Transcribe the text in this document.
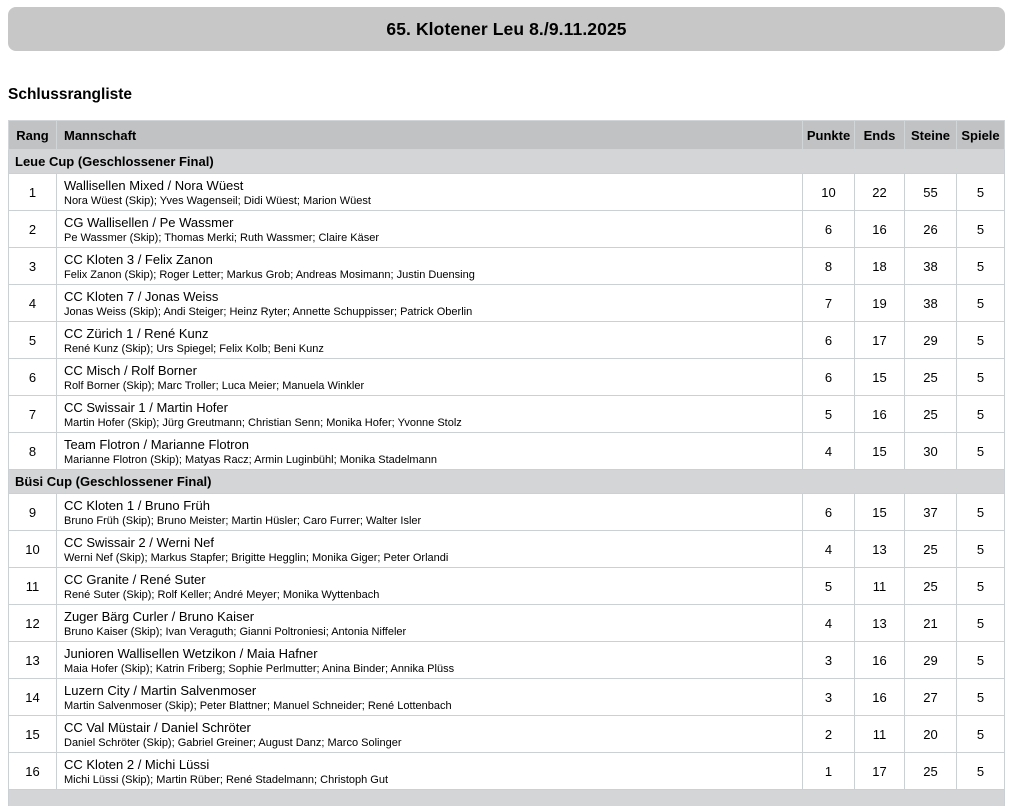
65. Klotener Leu 8./9.11.2025
Schlussrangliste
Rang	Mannschaft	Punkte	Ends	Steine	Spiele
Leue Cup (Geschlossener Final)					
1	Wallisellen Mixed / Nora Wüest
Nora Wüest (Skip); Yves Wagenseil; Didi Wüest; Marion Wüest	10	22	55	5
2	CG Wallisellen / Pe Wassmer
Pe Wassmer (Skip); Thomas Merki; Ruth Wassmer; Claire Käser	6	16	26	5
3	CC Kloten 3 / Felix Zanon
Felix Zanon (Skip); Roger Letter; Markus Grob; Andreas Mosimann; Justin Duensing	8	18	38	5
4	CC Kloten 7 / Jonas Weiss
Jonas Weiss (Skip); Andi Steiger; Heinz Ryter; Annette Schuppisser; Patrick Oberlin	7	19	38	5
5	CC Zürich 1 / René Kunz
René Kunz (Skip); Urs Spiegel; Felix Kolb; Beni Kunz	6	17	29	5
6	CC Misch / Rolf Borner
Rolf Borner (Skip); Marc Troller; Luca Meier; Manuela Winkler	6	15	25	5
7	CC Swissair 1 / Martin Hofer
Martin Hofer (Skip); Jürg Greutmann; Christian Senn; Monika Hofer; Yvonne Stolz	5	16	25	5
8	Team Flotron / Marianne Flotron
Marianne Flotron (Skip); Matyas Racz; Armin Luginbühl; Monika Stadelmann	4	15	30	5
Büsi Cup (Geschlossener Final)					
9	CC Kloten 1 / Bruno Früh
Bruno Früh (Skip); Bruno Meister; Martin Hüsler; Caro Furrer; Walter Isler	6	15	37	5
10	CC Swissair 2 / Werni Nef
Werni Nef (Skip); Markus Stapfer; Brigitte Hegglin; Monika Giger; Peter Orlandi	4	13	25	5
11	CC Granite / René Suter
René Suter (Skip); Rolf Keller; André Meyer; Monika Wyttenbach	5	11	25	5
12	Zuger Bärg Curler / Bruno Kaiser
Bruno Kaiser (Skip); Ivan Veraguth; Gianni Poltroniesi; Antonia Niffeler	4	13	21	5
13	Junioren Wallisellen Wetzikon / Maia Hafner
Maia Hofer (Skip); Katrin Friberg; Sophie Perlmutter; Anina Binder; Annika Plüss	3	16	29	5
14	Luzern City / Martin Salvenmoser
Martin Salvenmoser (Skip); Peter Blattner; Manuel Schneider; René Lottenbach	3	16	27	5
15	CC Val Müstair / Daniel Schröter
Daniel Schröter (Skip); Gabriel Greiner; August Danz; Marco Solinger	2	11	20	5
16	CC Kloten 2 / Michi Lüssi
Michi Lüssi (Skip); Martin Rüber; René Stadelmann; Christoph Gut	1	17	25	5
